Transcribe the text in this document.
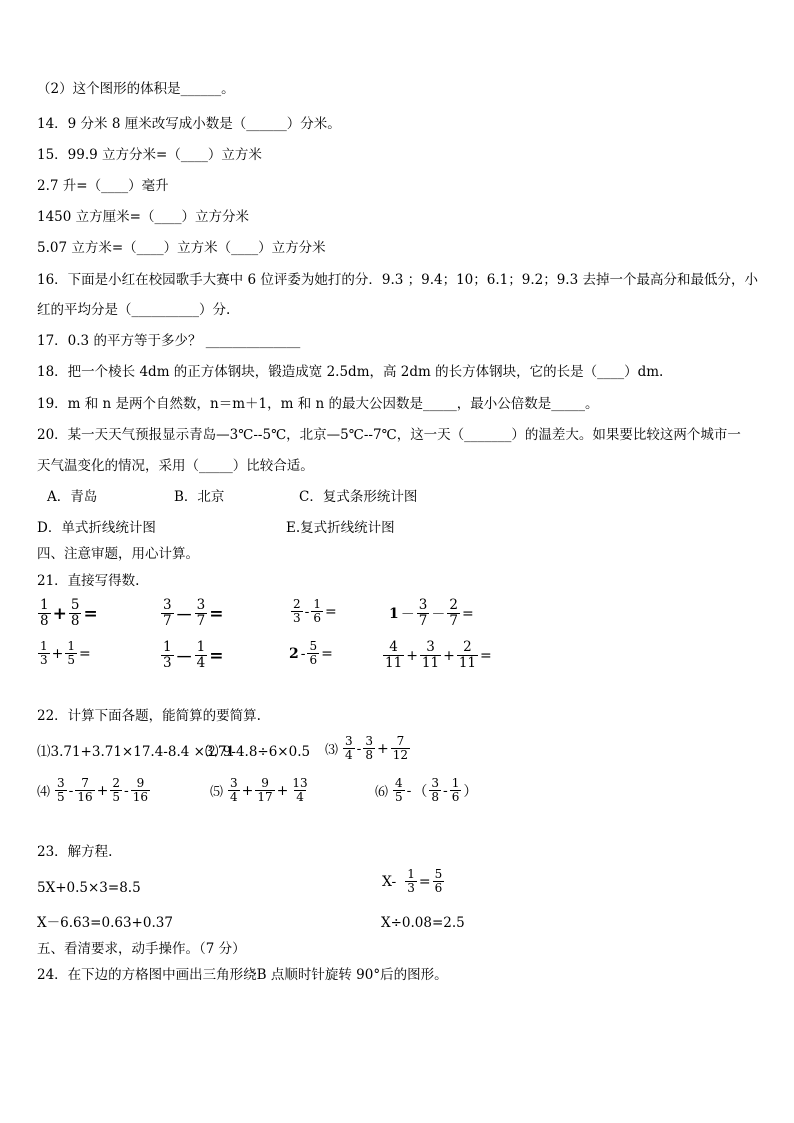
（2）这个图形的体积是______。
14．9 分米 8 厘米改写成小数是（______）分米。
15．99.9 立方分米=（____）立方米
2.7 升=（____）毫升
1450 立方厘米=（____）立方分米
5.07 立方米=（____）立方米（____）立方分米
16．下面是小红在校园歌手大赛中 6 位评委为她打的分．9.3 ；9.4；10；6.1；9.2；9.3 去掉一个最高分和最低分，小
红的平均分是（__________）分.
17．0.3 的平方等于多少？ ______________
18．把一个棱长 4dm 的正方体钢块，锻造成宽 2.5dm，高 2dm 的长方体钢块，它的长是（____）dm.
19．m 和 n 是两个自然数，n＝m＋1，m 和 n 的最大公因数是_____，最小公倍数是_____。
20．某一天天气预报显示青岛—3℃--5℃，北京—5℃--7℃，这一天（_______）的温差大。如果要比较这两个城市一
天气温变化的情况，采用（_____）比较合适。
A．青岛	B．北京	C．复式条形统计图
D．单式折线统计图	E.复式折线统计图
四、注意审题，用心计算。
21．直接写得数.
$\frac{1}{8} + \frac{5}{8}$ =	$\frac{3}{7} - \frac{3}{7}$ =	$\frac{2}{3} - \frac{1}{6}$ =	$1 - \frac{3}{7} - \frac{2}{7}$ =
$\frac{1}{3} + \frac{1}{5}$ =	$\frac{1}{3} - \frac{1}{4}$ =	$2 - \frac{5}{6}$ =	$\frac{4}{11} + \frac{3}{11} + \frac{2}{11}$ =
22．计算下面各题，能简算的要简算.
⑴3.71+3.71×17.4-8.4 ×3.71
⑵ 9-4.8÷6×0.5 ⑶ $\frac{3}{4} - \frac{3}{8} + \frac{7}{12}$
⑷ $\frac{3}{5} - \frac{7}{16} + \frac{2}{5} - \frac{9}{16}$	⑸ $\frac{3}{4} + \frac{9}{17} + \frac{13}{4}$	⑹ $\frac{4}{5}$ - （ $\frac{3}{8} - \frac{1}{6}$ ）
23．解方程.
5X+0.5×3=8.5	$X- \frac{1}{3} = \frac{5}{6}$
X－6.63=0.63+0.37	X÷0.08=2.5
五、看清要求，动手操作。（7 分）
24．在下边的方格图中画出三角形绕B 点顺时针旋转 90°后的图形。
